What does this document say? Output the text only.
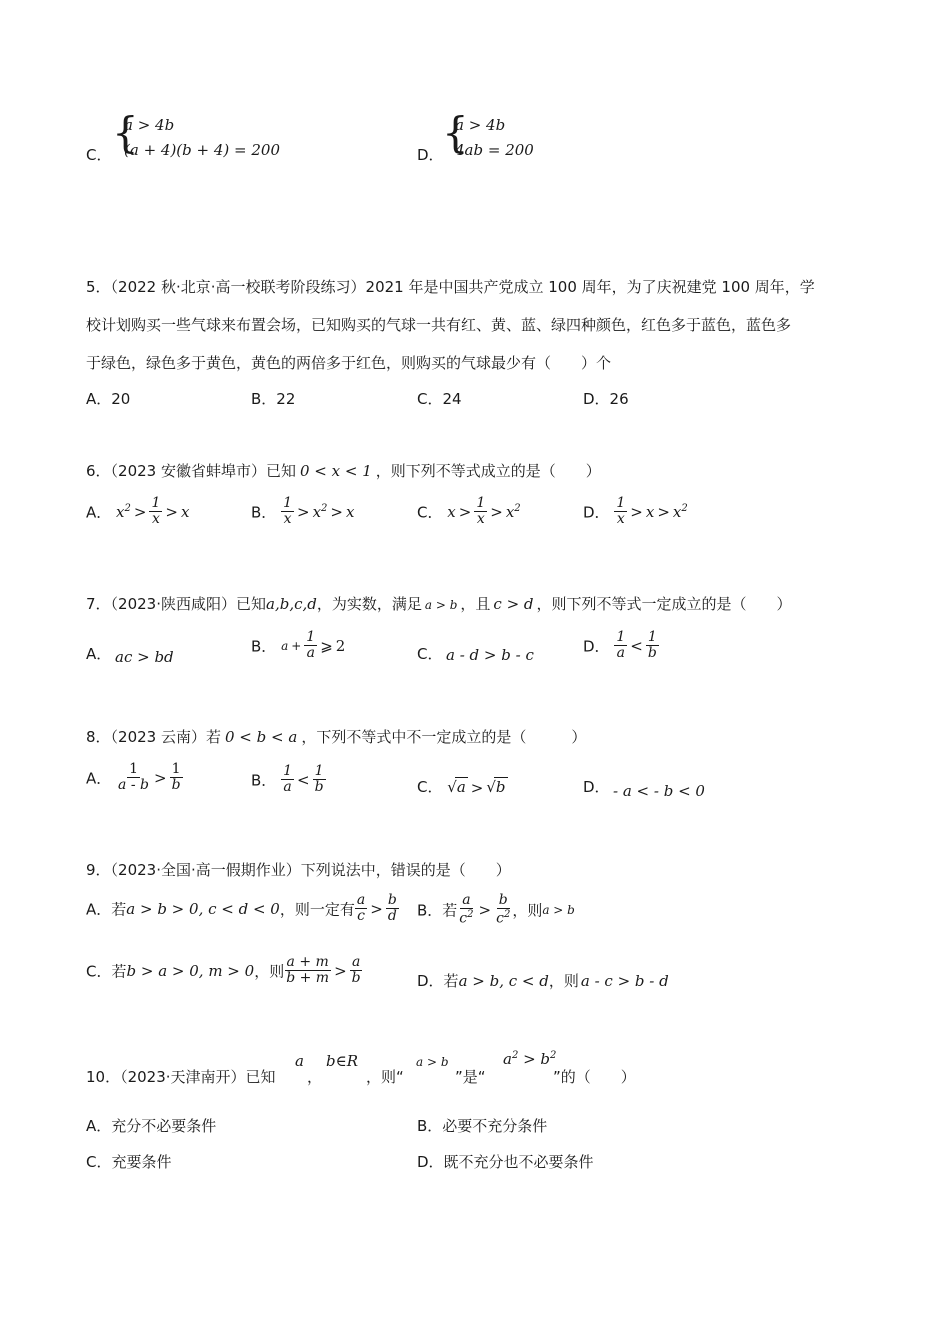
C． {
a > 4b
(a + 4)(b + 4) = 200	D．
{
a > 4b
4ab = 200
5．（2022 秋·北京·高一校联考阶段练习）2021 年是中国共产党成立 100 周年，为了庆祝建党 100 周年，学
校计划购买一些气球来布置会场，已知购买的气球一共有红、黄、蓝、绿四种颜色，红色多于蓝色，蓝色多
于绿色，绿色多于黄色，黄色的两倍多于红色，则购买的气球最少有（　　）个
A．20	B．22	C．24	D．26
6．（2023 安徽省蚌埠市）已知 0 < x < 1 ，则下列不等式成立的是（　　）
A． $x^2 > \frac{1}{x} > x$	B． $\frac{1}{x} > x^2 > x$	C． $x > \frac{1}{x} > x^2$	D． $\frac{1}{x} > x > x^2$
7．（2023·陕西咸阳）已知a,b,c,d，为实数，满足 a > b ，且 c > d ，则下列不等式一定成立的是（　　）
A． ac > bd
B． $a + \frac{1}{a}$ ⩾ 2	C． a - d > b - c	D． $\frac{1}{a} < \frac{1}{b}$
8．（2023 云南）若 0 < b < a ，下列不等式中不一定成立的是（　　　）
A． $\frac{1}{a - b} > \frac{1}{b}$	B． $\frac{1}{a} < \frac{1}{b}$	C． √a > √b	D． - a < - b < 0
9．（2023·全国·高一假期作业）下列说法中，错误的是（　　）
A．若a > b > 0, c < d < 0，则一定有 $\frac{a}{c} > \frac{b}{d}$ B．若 $\frac{a}{c^2} > \frac{b}{c^2}$ ，则a > b
C．若b > a > 0, m > 0，则 $\frac{a + m}{b + m} > \frac{a}{b}$	D．若a > b, c < d，则 a - c > b - d
10．（2023·天津南开）已知
a
，
b∈R
，则“
a > b
”是“
$a^2 > b^2$
”的（　　）
A．充分不必要条件	B．必要不充分条件
C．充要条件	D．既不充分也不必要条件
